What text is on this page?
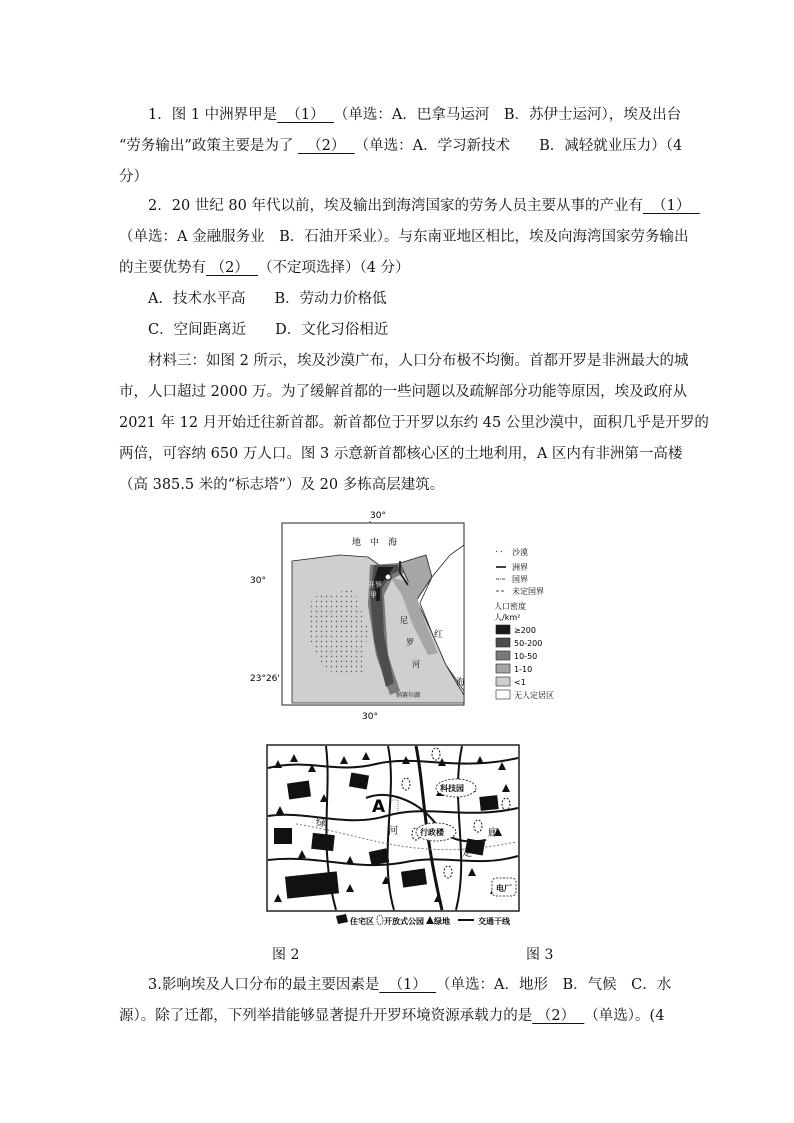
1．图 1 中洲界甲是 （1） （单选：A．巴拿马运河　B．苏伊士运河），埃及出台
“劳务输出”政策主要是为了 （2） （单选：A．学习新技术　　B．减轻就业压力）（4
分）

2．20 世纪 80 年代以前，埃及输出到海湾国家的劳务人员主要从事的产业有 （1）
（单选：A 金融服务业　B．石油开采业）。与东南亚地区相比，埃及向海湾国家劳务输出
的主要优势有 （2） （不定项选择）（4 分）
A．技术水平高　　 B．劳动力价格低
C．空间距离近　　 D．文化习俗相近

材料三：如图 2 所示，埃及沙漠广布，人口分布极不均衡。首都开罗是非洲最大的城
市，人口超过 2000 万。为了缓解首都的一些问题以及疏解部分功能等原因，埃及政府从
2021 年 12 月开始迁往新首都。新首都位于开罗以东约 45 公里沙漠中，面积几乎是开罗的
两倍，可容纳 650 万人口。图 3 示意新首都核心区的土地利用，A 区内有非洲第一高楼
（高 385.5 米的“标志塔”）及 20 多栋高层建筑。

30°
地　中　海
开罗
甲
尼
罗
河
红
海
纳赛尔湖
30°
23°26'
30°
沙漠
洲界
国界
未定国界
人口密度
人/km²
≥200
50-200
10-50
1-10
<1
无人定居区
A
科技园
行政楼
电厂
绿
河	廊
走
住宅区 开放式公园 绿地	交通干线
图 2	图 3

3.影响埃及人口分布的最主要因素是 （1） （单选：A．地形　B．气候　C．水
源）。除了迁都，下列举措能够显著提升开罗环境资源承载力的是 （2） （单选）。(4
